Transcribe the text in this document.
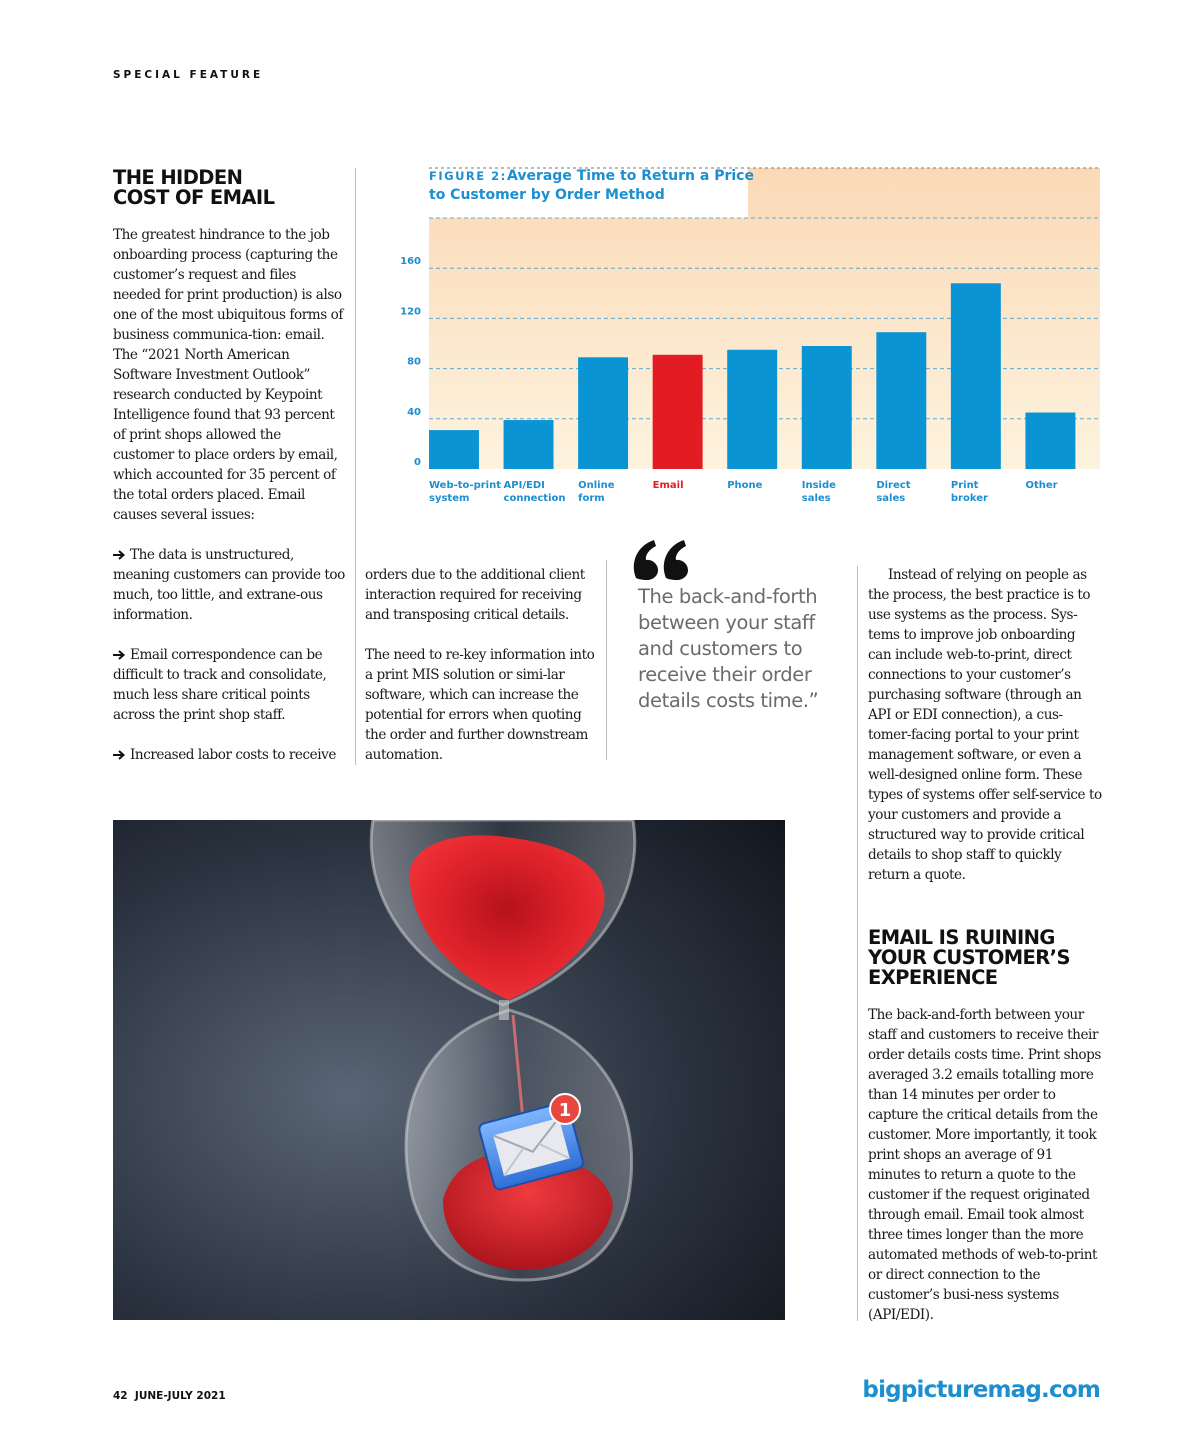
SPECIAL FEATURE
THE HIDDEN
COST OF EMAIL

The greatest hindrance to the job onboarding process (capturing the customer’s request and files needed for print production) is also one of the most ubiquitous forms of business communica-tion: email. The “2021 North American Software Investment Outlook” research conducted by Keypoint Intelligence found that 93 percent of print shops allowed the customer to place orders by email, which accounted for 35 percent of the total orders placed. Email causes several issues:

The data is unstructured, meaning customers can provide too much, too little, and extrane-ous information.

Email correspondence can be difficult to track and consolidate, much less share critical points across the print shop staff.

Increased labor costs to receive

orders due to the additional client interaction required for receiving and transposing critical details.

The need to re-key information into a print MIS solution or simi-lar software, which can increase the potential for errors when quoting the order and further downstream automation.

The back-and-forth between your staff and customers to receive their order details costs time.”

Instead of relying on people as the process, the best practice is to use systems as the process. Sys-tems to improve job onboarding can include web-to-print, direct connections to your customer’s purchasing software (through an API or EDI connection), a cus-tomer-facing portal to your print management software, or even a well-designed online form. These types of systems offer self-service to your customers and provide a structured way to provide critical details to shop staff to quickly return a quote.

EMAIL IS RUINING
YOUR CUSTOMER’S
EXPERIENCE

The back-and-forth between your staff and customers to receive their order details costs time. Print shops averaged 3.2 emails totalling more than 14 minutes per order to capture the critical details from the customer. More importantly, it took print shops an average of 91 minutes to return a quote to the customer if the request originated through email. Email took almost three times longer than the more automated methods of web-to-print or direct connection to the customer’s busi-ness systems (API/EDI).

FIGURE 2: Average Time to Return a Price
to Customer by Order Method
0
40
80
120
160
Web-to-print
system
API/EDI
connection
Online
form
Email	Phone	Inside
sales
Direct
sales
Print
broker
Other
1
42  JUNE-JULY 2021	bigpicturemag.com
